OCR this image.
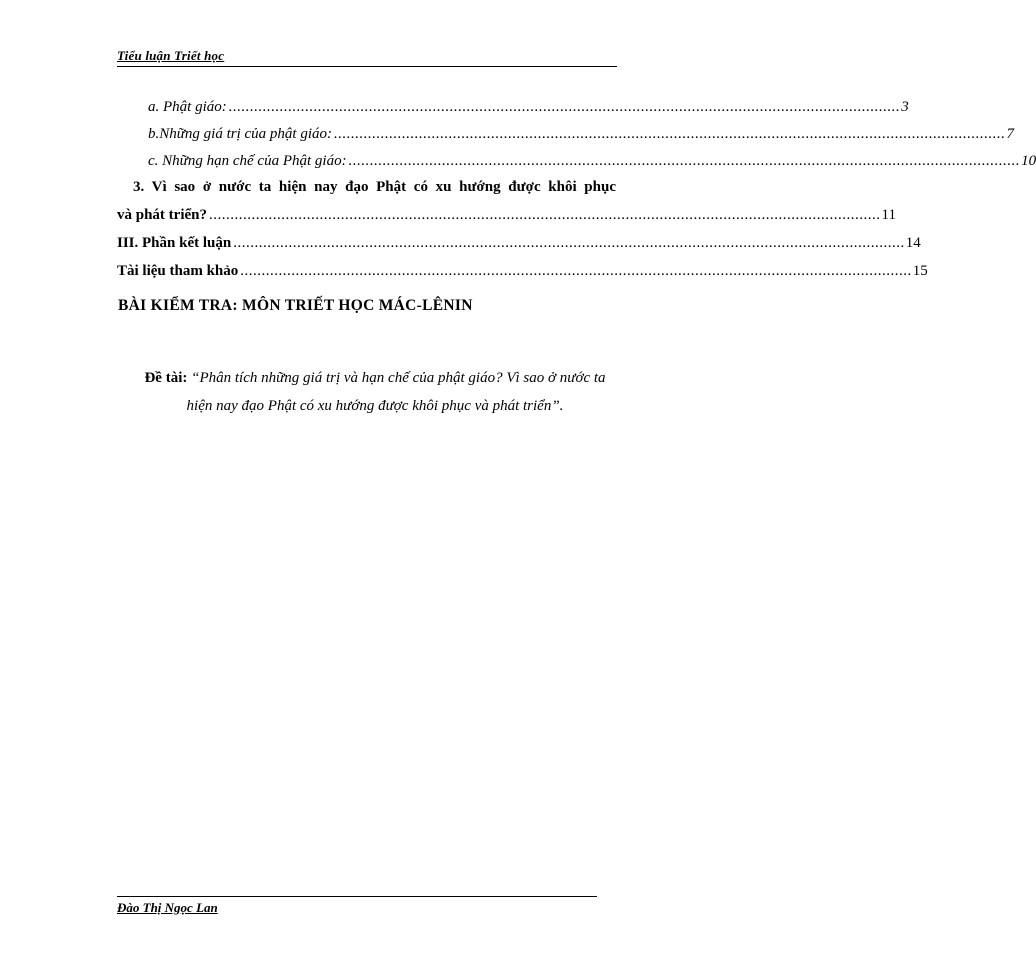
Tiểu luận Triết học
a. Phật giáo: .............................................................................................................................................................. 3
b.Những giá trị của phật giáo: .............................................................................................................................................................. 7
c. Những hạn chế của Phật giáo: .............................................................................................................................................................. 10
3. Vì sao ở nước ta hiện nay đạo Phật có xu hướng được khôi phục
và phát triển? .............................................................................................................................................................. 11
III. Phần kết luận .............................................................................................................................................................. 14
Tài liệu tham khảo .............................................................................................................................................................. 15
BÀI KIỂM TRA: MÔN TRIẾT HỌC MÁC-LÊNIN
Đề tài: “Phân tích những giá trị và hạn chế của phật giáo? Vì sao ở nước ta hiện nay đạo Phật có xu hướng được khôi phục và phát triển”.
Đào Thị Ngọc Lan
